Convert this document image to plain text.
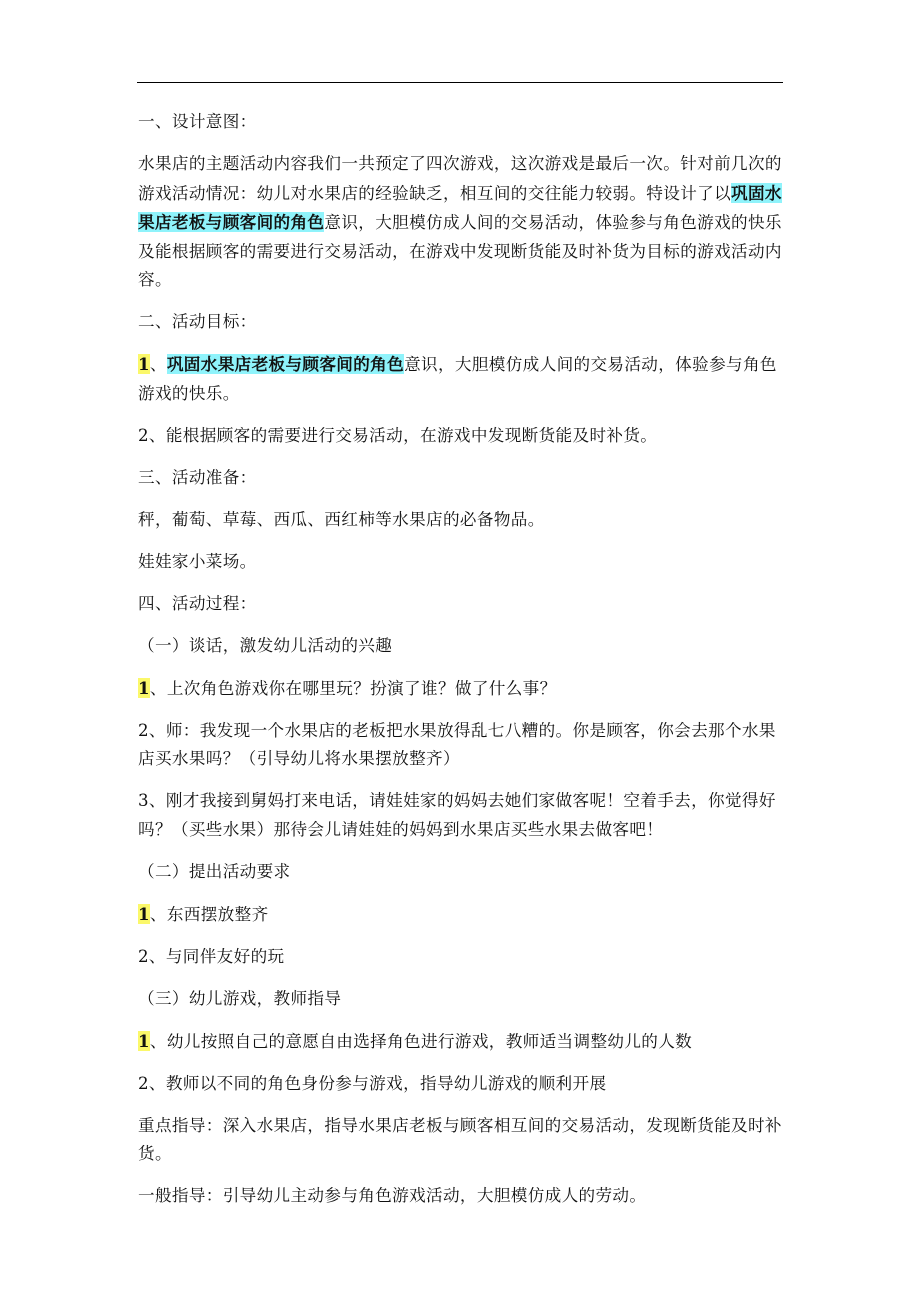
一、设计意图：

水果店的主题活动内容我们一共预定了四次游戏，这次游戏是最后一次。针对前几次的游戏活动情况：幼儿对水果店的经验缺乏，相互间的交往能力较弱。特设计了以巩固水果店老板与顾客间的角色意识，大胆模仿成人间的交易活动，体验参与角色游戏的快乐及能根据顾客的需要进行交易活动，在游戏中发现断货能及时补货为目标的游戏活动内容。

二、活动目标：

1、巩固水果店老板与顾客间的角色意识，大胆模仿成人间的交易活动，体验参与角色游戏的快乐。

2、能根据顾客的需要进行交易活动，在游戏中发现断货能及时补货。

三、活动准备：

秤，葡萄、草莓、西瓜、西红柿等水果店的必备物品。

娃娃家小菜场。

四、活动过程：

（一）谈话，激发幼儿活动的兴趣

1、上次角色游戏你在哪里玩？扮演了谁？做了什么事？

2、师：我发现一个水果店的老板把水果放得乱七八糟的。你是顾客，你会去那个水果店买水果吗？（引导幼儿将水果摆放整齐）

3、刚才我接到舅妈打来电话，请娃娃家的妈妈去她们家做客呢！空着手去，你觉得好吗？（买些水果）那待会儿请娃娃的妈妈到水果店买些水果去做客吧！

（二）提出活动要求

1、东西摆放整齐

2、与同伴友好的玩

（三）幼儿游戏，教师指导

1、幼儿按照自己的意愿自由选择角色进行游戏，教师适当调整幼儿的人数

2、教师以不同的角色身份参与游戏，指导幼儿游戏的顺利开展

重点指导：深入水果店，指导水果店老板与顾客相互间的交易活动，发现断货能及时补货。

一般指导：引导幼儿主动参与角色游戏活动，大胆模仿成人的劳动。
